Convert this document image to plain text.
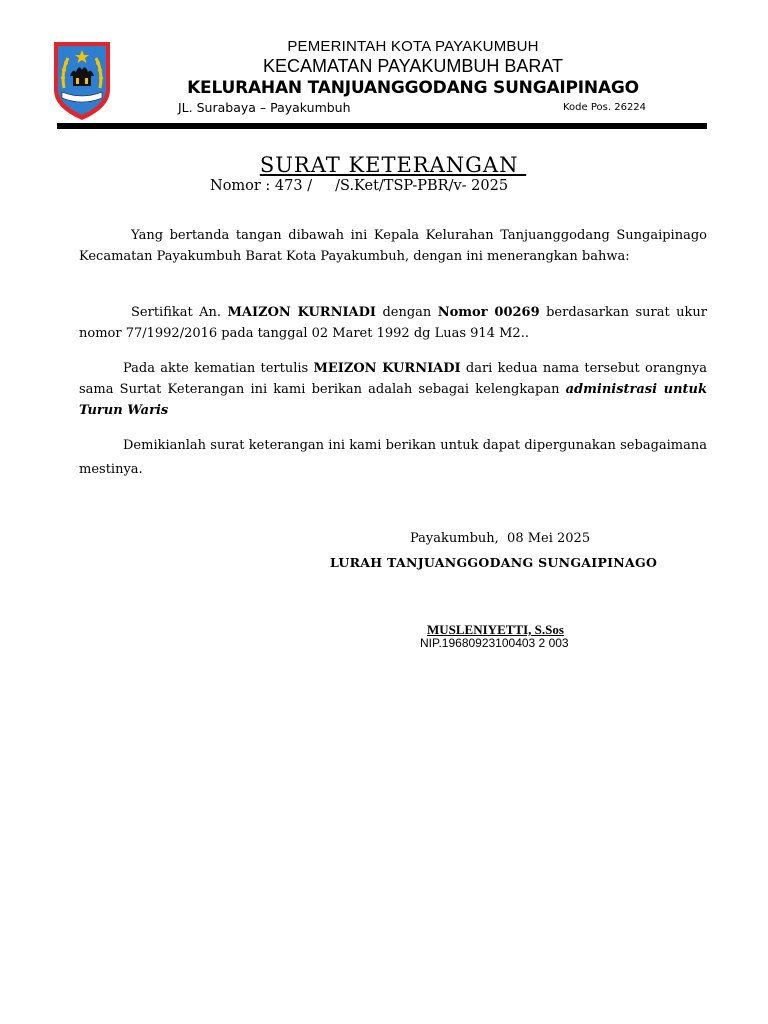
PEMERINTAH KOTA PAYAKUMBUH
KECAMATAN PAYAKUMBUH BARAT
KELURAHAN TANJUANGGODANG SUNGAIPINAGO
JL. Surabaya – Payakumbuh	Kode Pos. 26224
SURAT KETERANGAN
Nomor : 473 /     /S.Ket/TSP-PBR/v- 2025
Yang bertanda tangan dibawah ini Kepala Kelurahan Tanjuanggodang Sungaipinago Kecamatan Payakumbuh Barat Kota Payakumbuh, dengan ini menerangkan bahwa:
Sertifikat An. MAIZON KURNIADI dengan Nomor 00269 berdasarkan surat ukur nomor 77/1992/2016 pada tanggal 02 Maret 1992 dg Luas 914 M2..
Pada akte kematian tertulis MEIZON KURNIADI dari kedua nama tersebut orangnya sama Surtat Keterangan ini kami berikan adalah sebagai kelengkapan administrasi untuk Turun Waris
Demikianlah surat keterangan ini kami berikan untuk dapat dipergunakan sebagaimana mestinya.
Payakumbuh,  08 Mei 2025
LURAH TANJUANGGODANG SUNGAIPINAGO
MUSLENIYETTI, S.Sos
NIP.19680923100403 2 003
